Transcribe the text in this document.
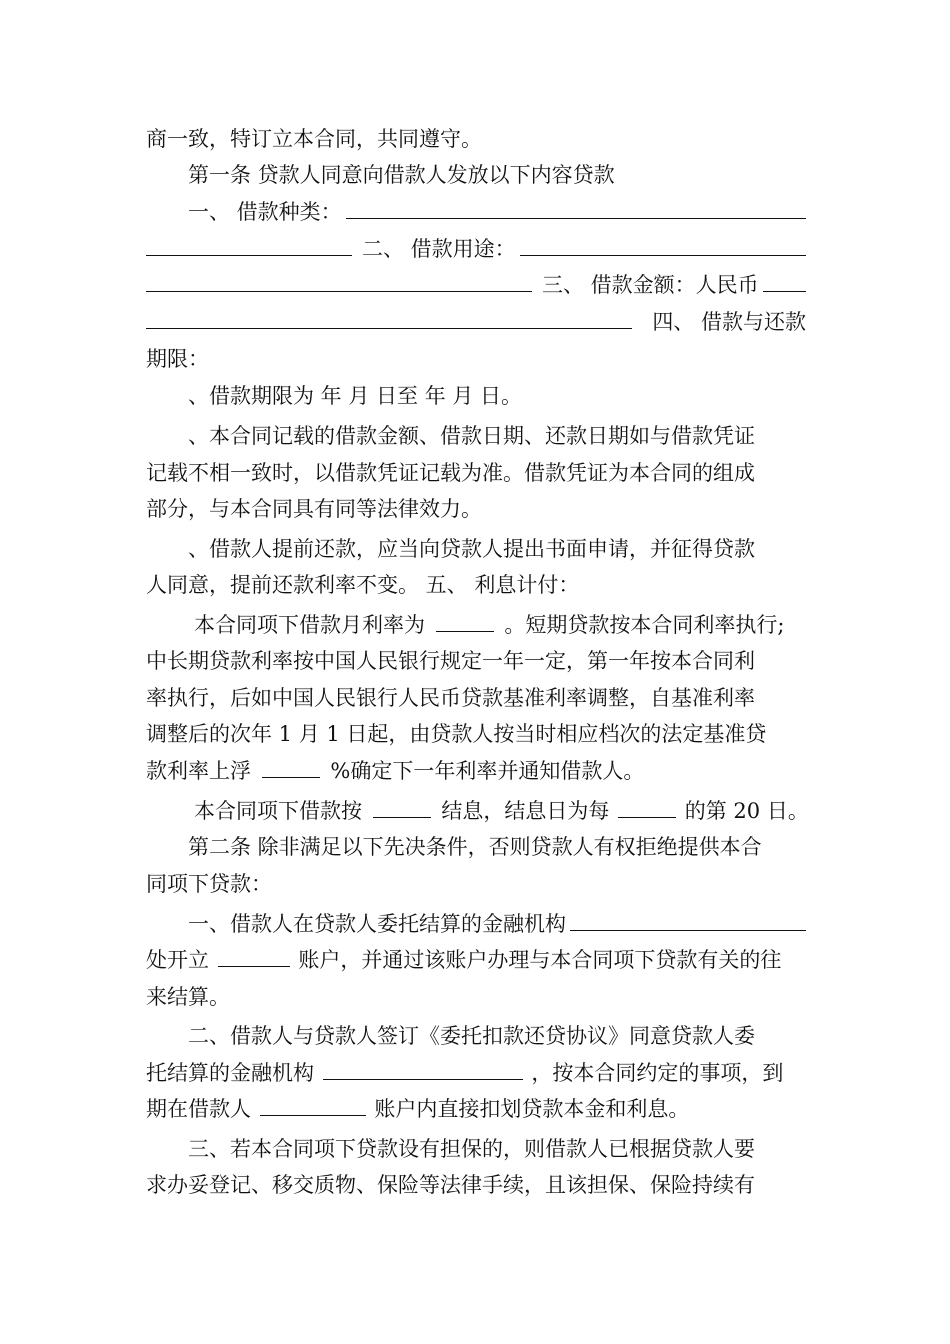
商一致，特订立本合同，共同遵守。
第一条 贷款人同意向借款人发放以下内容贷款
一、 借款种类：
二、 借款用途：
三、 借款金额：人民币
四、 借款与还款
期限：
、借款期限为 年 月 日至 年 月 日。
、本合同记载的借款金额、借款日期、还款日期如与借款凭证
记载不相一致时，以借款凭证记载为准。借款凭证为本合同的组成
部分，与本合同具有同等法律效力。
、借款人提前还款，应当向贷款人提出书面申请，并征得贷款
人同意，提前还款利率不变。 五、 利息计付：
本合同项下借款月利率为	。短期贷款按本合同利率执行;
中长期贷款利率按中国人民银行规定一年一定，第一年按本合同利
率执行，后如中国人民银行人民币贷款基准利率调整，自基准利率
调整后的次年 1 月 1 日起，由贷款人按当时相应档次的法定基准贷
款利率上浮	%确定下一年利率并通知借款人。
本合同项下借款按	结息，结息日为每	的第 20 日。
第二条 除非满足以下先决条件，否则贷款人有权拒绝提供本合
同项下贷款：
一、借款人在贷款人委托结算的金融机构
处开立	账户，并通过该账户办理与本合同项下贷款有关的往
来结算。
二、借款人与贷款人签订《委托扣款还贷协议》同意贷款人委
托结算的金融机构	，按本合同约定的事项，到
期在借款人	账户内直接扣划贷款本金和利息。
三、若本合同项下贷款设有担保的，则借款人已根据贷款人要
求办妥登记、移交质物、保险等法律手续，且该担保、保险持续有
